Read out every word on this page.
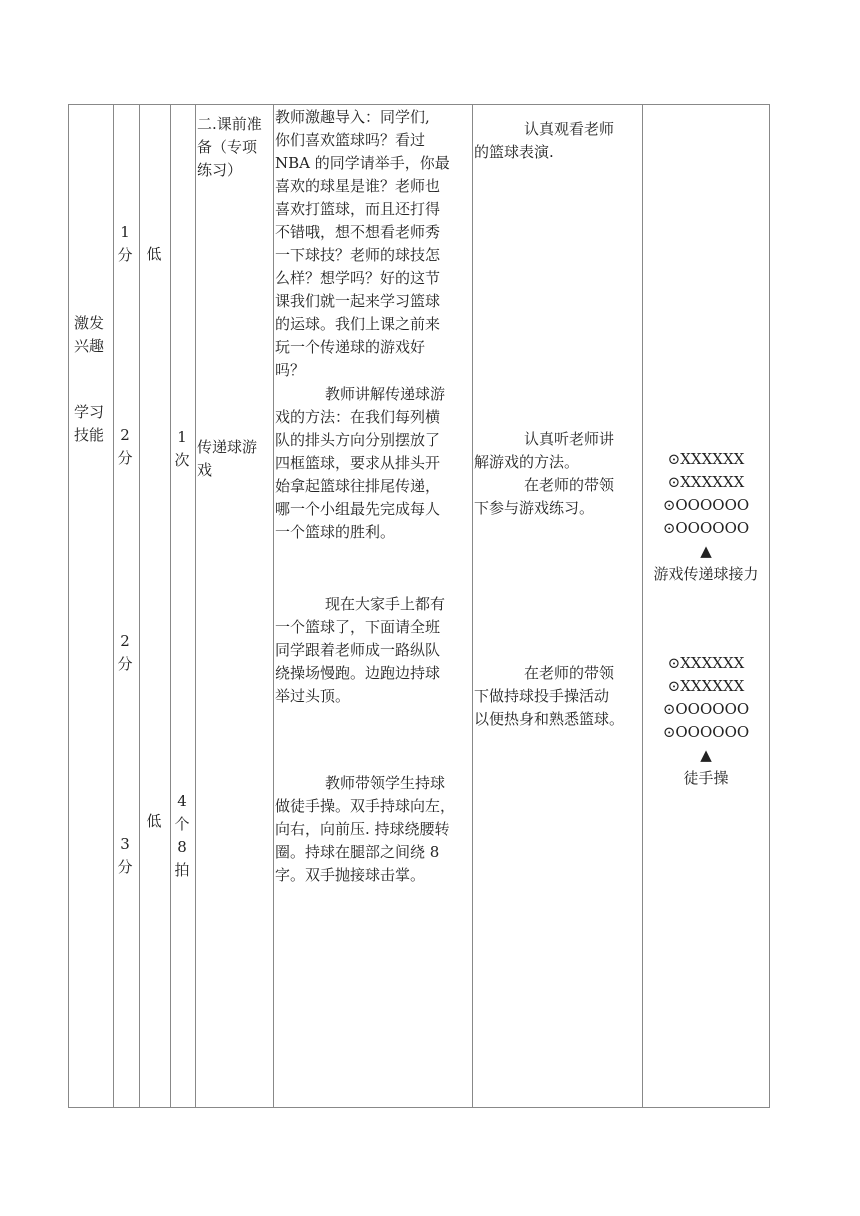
激发兴趣
学习技能
1分
2分
2分
3分
低
低
1次
4个8拍
二.课前准备（专项练习）
传递球游戏
教师激趣导入：同学们,
你们喜欢篮球吗？看过
NBA 的同学请举手，你最
喜欢的球星是谁？老师也
喜欢打篮球，而且还打得
不错哦，想不想看老师秀
一下球技？老师的球技怎
么样？想学吗？好的这节
课我们就一起来学习篮球
的运球。我们上课之前来
玩一个传递球的游戏好
吗？
教师讲解传递球游
戏的方法：在我们每列横
队的排头方向分别摆放了
四框篮球，要求从排头开
始拿起篮球往排尾传递，
哪一个小组最先完成每人
一个篮球的胜利。
现在大家手上都有
一个篮球了，下面请全班
同学跟着老师成一路纵队
绕操场慢跑。边跑边持球
举过头顶。
教师带领学生持球
做徒手操。双手持球向左，
向右，向前压. 持球绕腰转
圈。持球在腿部之间绕 8
字。双手抛接球击掌。
认真观看老师
的篮球表演.
认真听老师讲
解游戏的方法。
在老师的带领
下参与游戏练习。
在老师的带领
下做持球投手操活动
以便热身和熟悉篮球。
⊙XXXXXX
⊙XXXXXX
⊙OOOOOO
⊙OOOOOO
▲
游戏传递球接力
⊙XXXXXX
⊙XXXXXX
⊙OOOOOO
⊙OOOOOO
▲
徒手操
